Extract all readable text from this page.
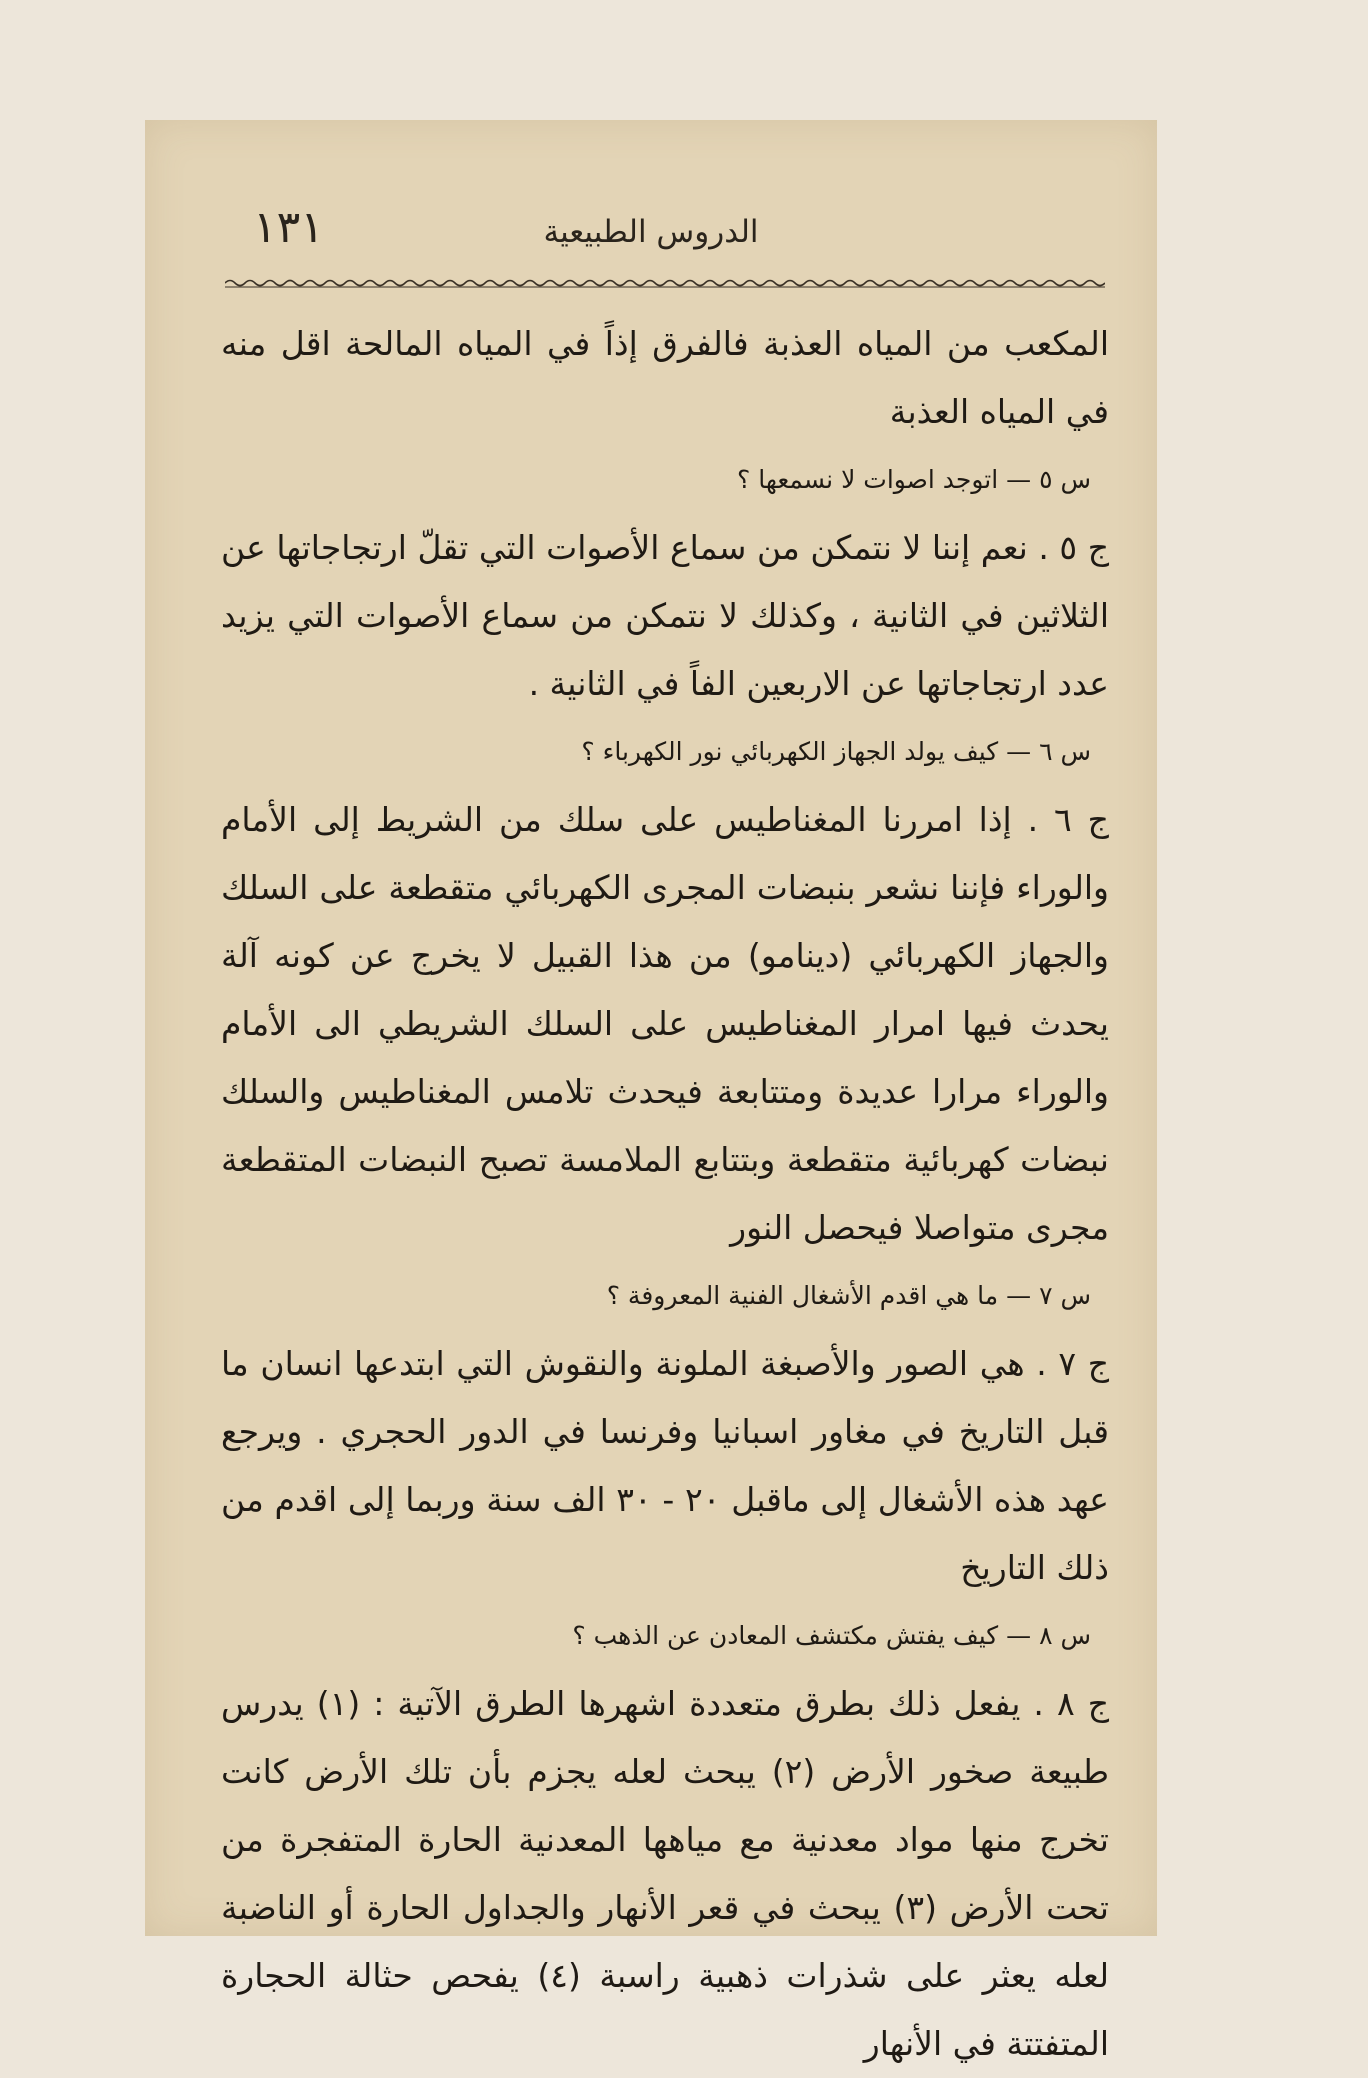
١٣١	الدروس الطبيعية

المكعب من المياه العذبة فالفرق إذاً في المياه المالحة اقل منه في المياه العذبة

س ٥ — اتوجد اصوات لا نسمعها ؟

ج ٥ . نعم إننا لا نتمكن من سماع الأصوات التي تقلّ ارتجاجاتها عن الثلاثين في الثانية ، وكذلك لا نتمكن من سماع الأصوات التي يزيد عدد ارتجاجاتها عن الاربعين الفاً في الثانية .

س ٦ — كيف يولد الجهاز الكهربائي نور الكهرباء ؟

ج ٦ . إذا امررنا المغناطيس على سلك من الشريط إلى الأمام والوراء فإننا نشعر بنبضات المجرى الكهربائي متقطعة على السلك والجهاز الكهربائي (دينامو) من هذا القبيل لا يخرج عن كونه آلة يحدث فيها امرار المغناطيس على السلك الشريطي الى الأمام والوراء مرارا عديدة ومتتابعة فيحدث تلامس المغناطيس والسلك نبضات كهربائية متقطعة وبتتابع الملامسة تصبح النبضات المتقطعة مجرى متواصلا فيحصل النور

س ٧ — ما هي اقدم الأشغال الفنية المعروفة ؟

ج ٧ . هي الصور والأصبغة الملونة والنقوش التي ابتدعها انسان ما قبل التاريخ في مغاور اسبانيا وفرنسا في الدور الحجري . ويرجع عهد هذه الأشغال إلى ماقبل ٢٠ - ٣٠ الف سنة وربما إلى اقدم من ذلك التاريخ

س ٨ — كيف يفتش مكتشف المعادن عن الذهب ؟

ج ٨ . يفعل ذلك بطرق متعددة اشهرها الطرق الآتية : (١) يدرس طبيعة صخور الأرض (٢) يبحث لعله يجزم بأن تلك الأرض كانت تخرج منها مواد معدنية مع مياهها المعدنية الحارة المتفجرة من تحت الأرض (٣) يبحث في قعر الأنهار والجداول الحارة أو الناضبة لعله يعثر على شذرات ذهبية راسبة (٤) يفحص حثالة الحجارة المتفتتة في الأنهار
